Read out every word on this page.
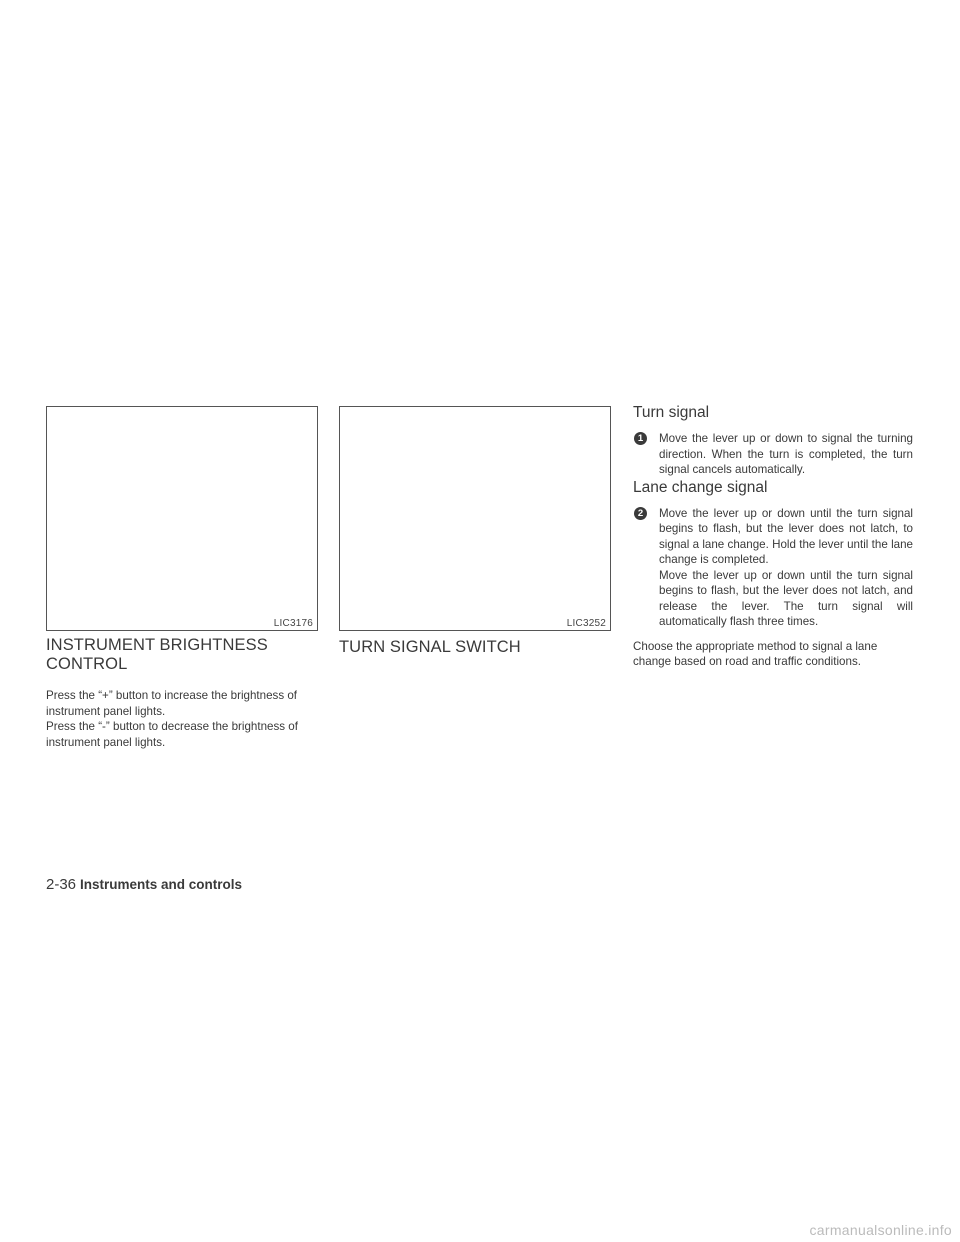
LIC3176	LIC3252
INSTRUMENT BRIGHTNESS
CONTROL

Press the “+” button to increase the brightness of instrument panel lights.

Press the “-” button to decrease the brightness of instrument panel lights.

TURN SIGNAL SWITCH
Turn signal
1	Move the lever up or down to signal the turning direction. When the turn is completed, the turn signal cancels automatically.

Lane change signal
2	Move the lever up or down until the turn signal begins to flash, but the lever does not latch, to signal a lane change. Hold the lever until the lane change is completed.

Move the lever up or down until the turn signal begins to flash, but the lever does not latch, and release the lever. The turn signal will automatically flash three times.

Choose the appropriate method to signal a lane change based on road and traffic conditions.

2-36 Instruments and controls
carmanualsonline.info
